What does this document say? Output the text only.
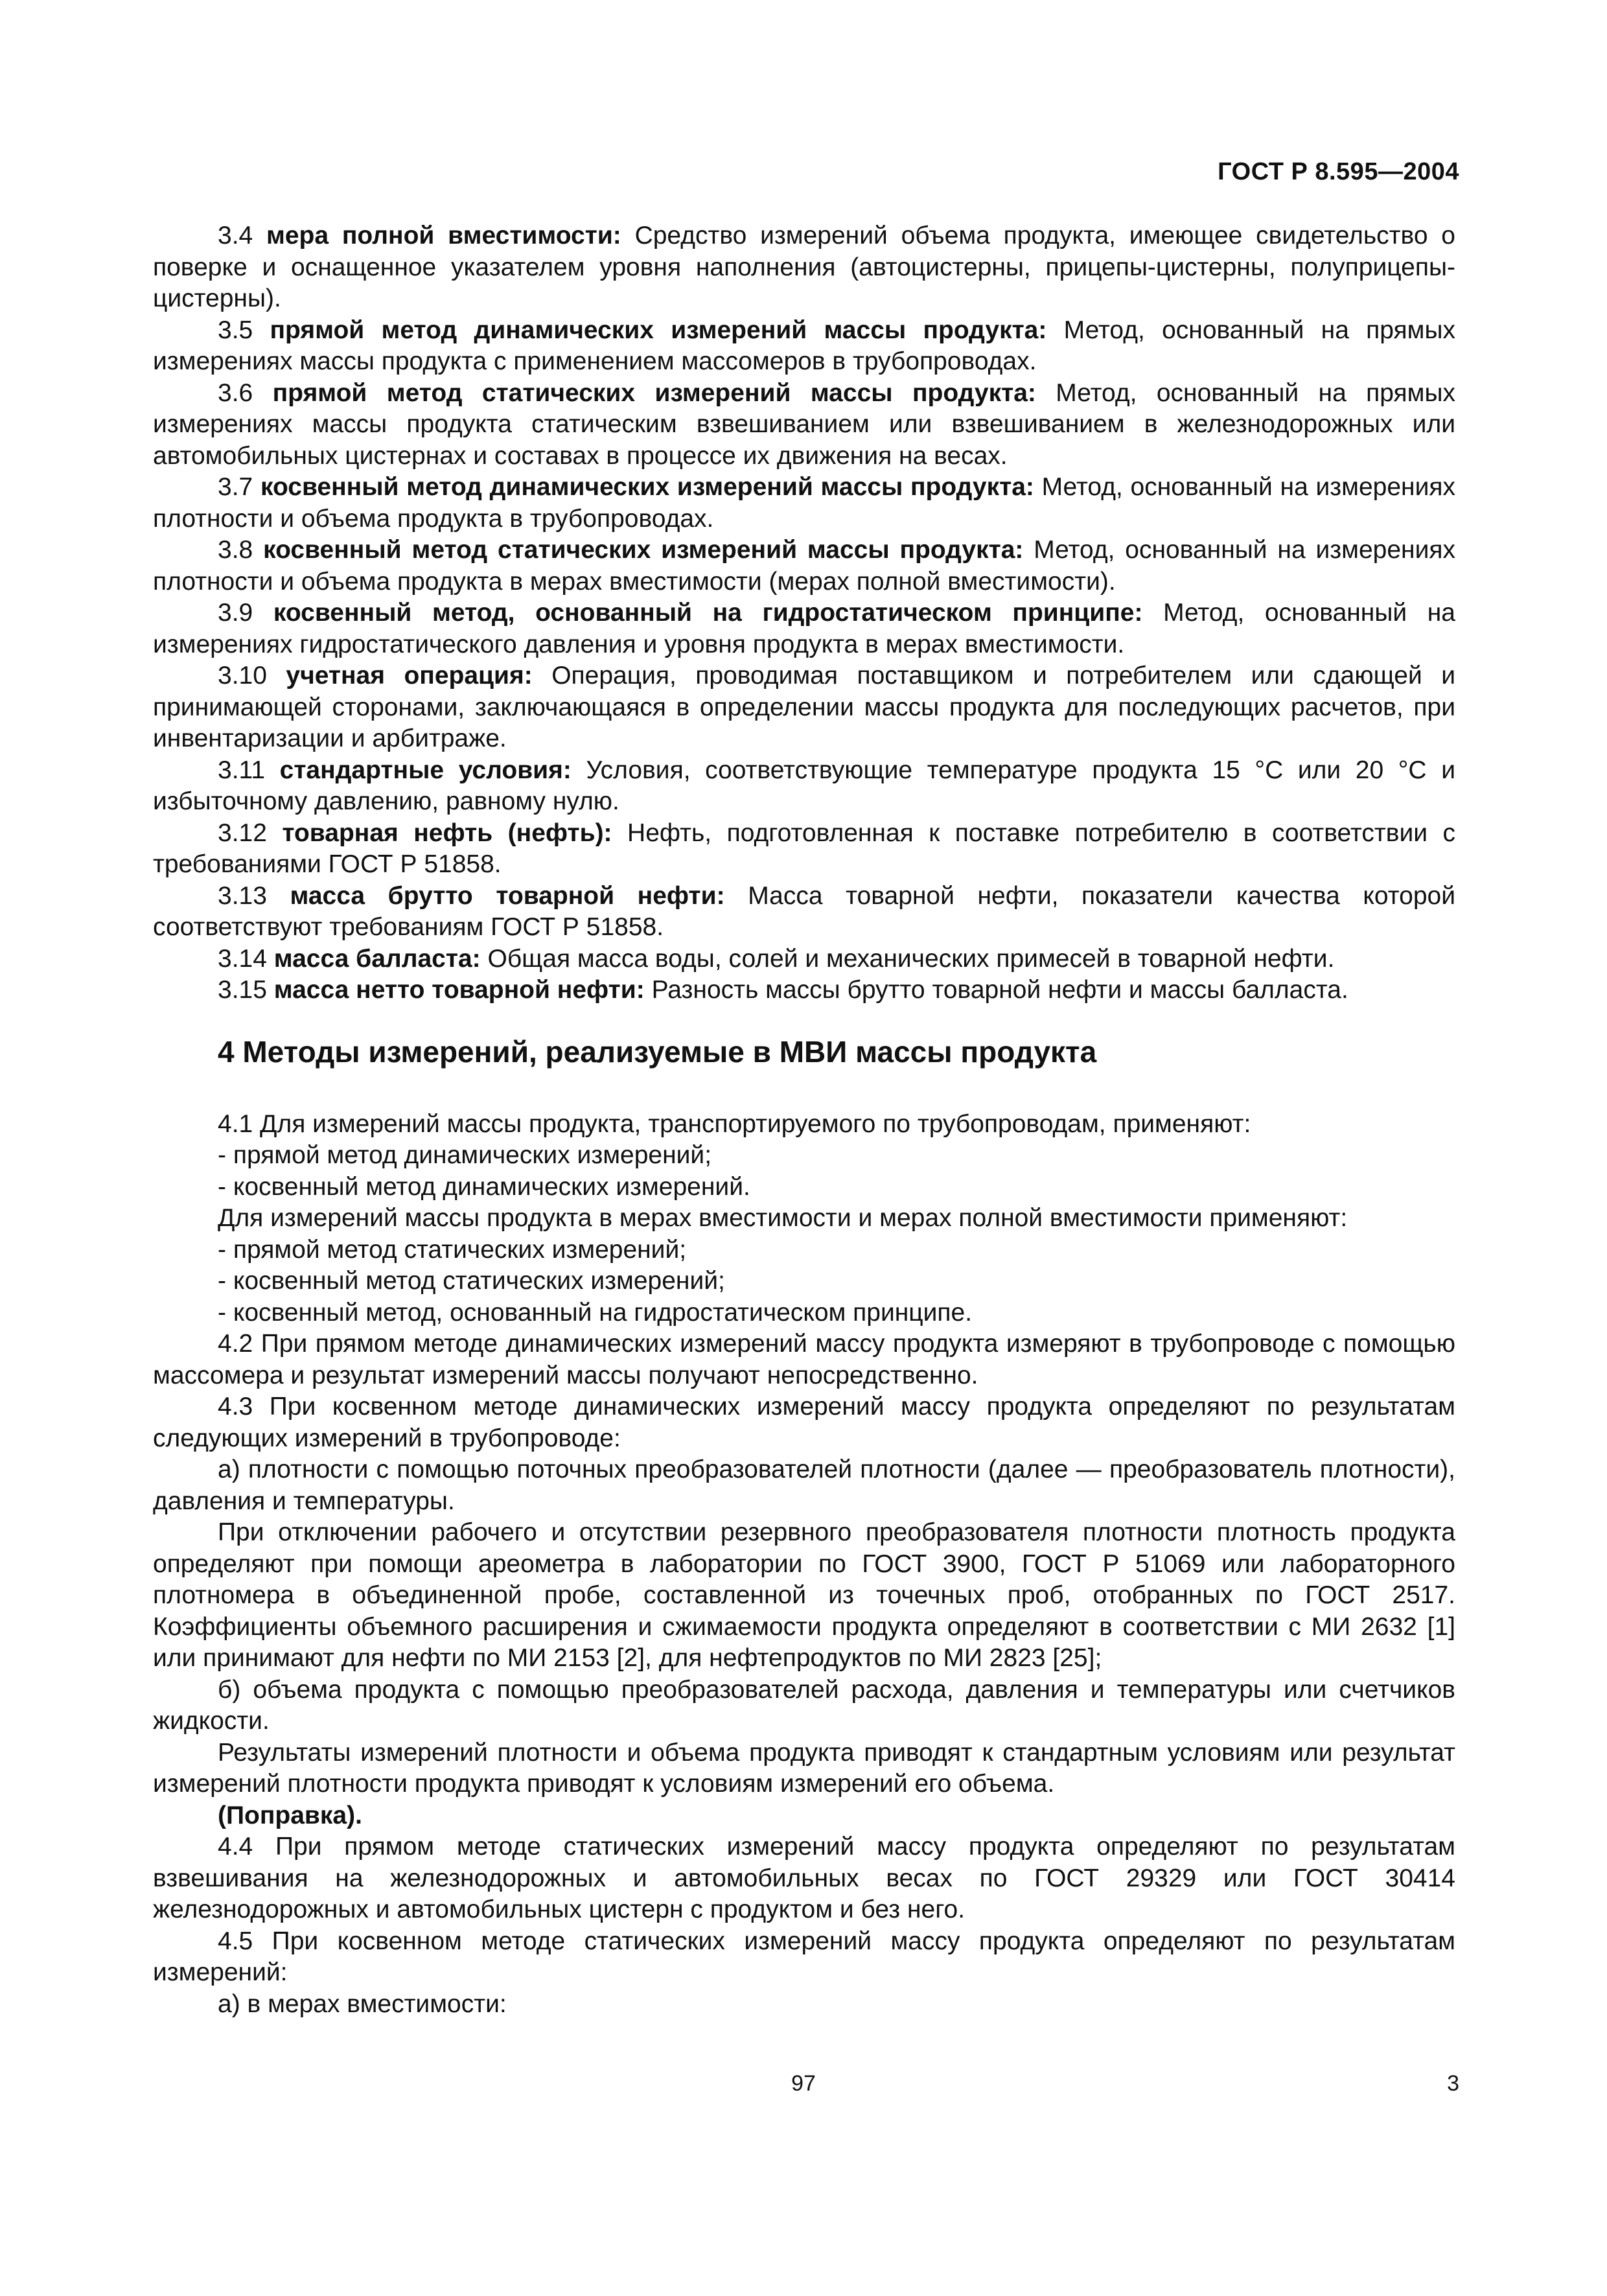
ГОСТ Р 8.595—2004

3.4 мера полной вместимости: Средство измерений объема продукта, имеющее свидетельство о поверке и оснащенное указателем уровня наполнения (автоцистерны, прицепы-цистерны, полуприцепы-цистерны).

3.5 прямой метод динамических измерений массы продукта: Метод, основанный на прямых измерениях массы продукта с применением массомеров в трубопроводах.

3.6 прямой метод статических измерений массы продукта: Метод, основанный на прямых измерениях массы продукта статическим взвешиванием или взвешиванием в железнодорожных или автомобильных цистернах и составах в процессе их движения на весах.

3.7 косвенный метод динамических измерений массы продукта: Метод, основанный на измерениях плотности и объема продукта в трубопроводах.

3.8 косвенный метод статических измерений массы продукта: Метод, основанный на измерениях плотности и объема продукта в мерах вместимости (мерах полной вместимости).

3.9 косвенный метод, основанный на гидростатическом принципе: Метод, основанный на измерениях гидростатического давления и уровня продукта в мерах вместимости.

3.10 учетная операция: Операция, проводимая поставщиком и потребителем или сдающей и принимающей сторонами, заключающаяся в определении массы продукта для последующих расчетов, при инвентаризации и арбитраже.

3.11 стандартные условия: Условия, соответствующие температуре продукта 15 °С или 20 °С и избыточному давлению, равному нулю.

3.12 товарная нефть (нефть): Нефть, подготовленная к поставке потребителю в соответствии с требованиями ГОСТ Р 51858.

3.13 масса брутто товарной нефти: Масса товарной нефти, показатели качества которой соответствуют требованиям ГОСТ Р 51858.

3.14 масса балласта: Общая масса воды, солей и механических примесей в товарной нефти.

3.15 масса нетто товарной нефти: Разность массы брутто товарной нефти и массы балласта.

4 Методы измерений, реализуемые в МВИ массы продукта

4.1 Для измерений массы продукта, транспортируемого по трубопроводам, применяют:

- прямой метод динамических измерений;
- косвенный метод динамических измерений.

Для измерений массы продукта в мерах вместимости и мерах полной вместимости применяют:

- прямой метод статических измерений;
- косвенный метод статических измерений;
- косвенный метод, основанный на гидростатическом принципе.

4.2 При прямом методе динамических измерений массу продукта измеряют в трубопроводе с помощью массомера и результат измерений массы получают непосредственно.

4.3 При косвенном методе динамических измерений массу продукта определяют по результатам следующих измерений в трубопроводе:

а) плотности с помощью поточных преобразователей плотности (далее — преобразователь плотности), давления и температуры.

При отключении рабочего и отсутствии резервного преобразователя плотности плотность продукта определяют при помощи ареометра в лаборатории по ГОСТ 3900, ГОСТ Р 51069 или лабораторного плотномера в объединенной пробе, составленной из точечных проб, отобранных по ГОСТ 2517. Коэффициенты объемного расширения и сжимаемости продукта определяют в соответствии с МИ 2632 [1] или принимают для нефти по МИ 2153 [2], для нефтепродуктов по МИ 2823 [25];

б) объема продукта с помощью преобразователей расхода, давления и температуры или счетчиков жидкости.

Результаты измерений плотности и объема продукта приводят к стандартным условиям или результат измерений плотности продукта приводят к условиям измерений его объема.

(Поправка).

4.4 При прямом методе статических измерений массу продукта определяют по результатам взвешивания на железнодорожных и автомобильных весах по ГОСТ 29329 или ГОСТ 30414 железнодорожных и автомобильных цистерн с продуктом и без него.

4.5 При косвенном методе статических измерений массу продукта определяют по результатам измерений:

а) в мерах вместимости:

97	3
